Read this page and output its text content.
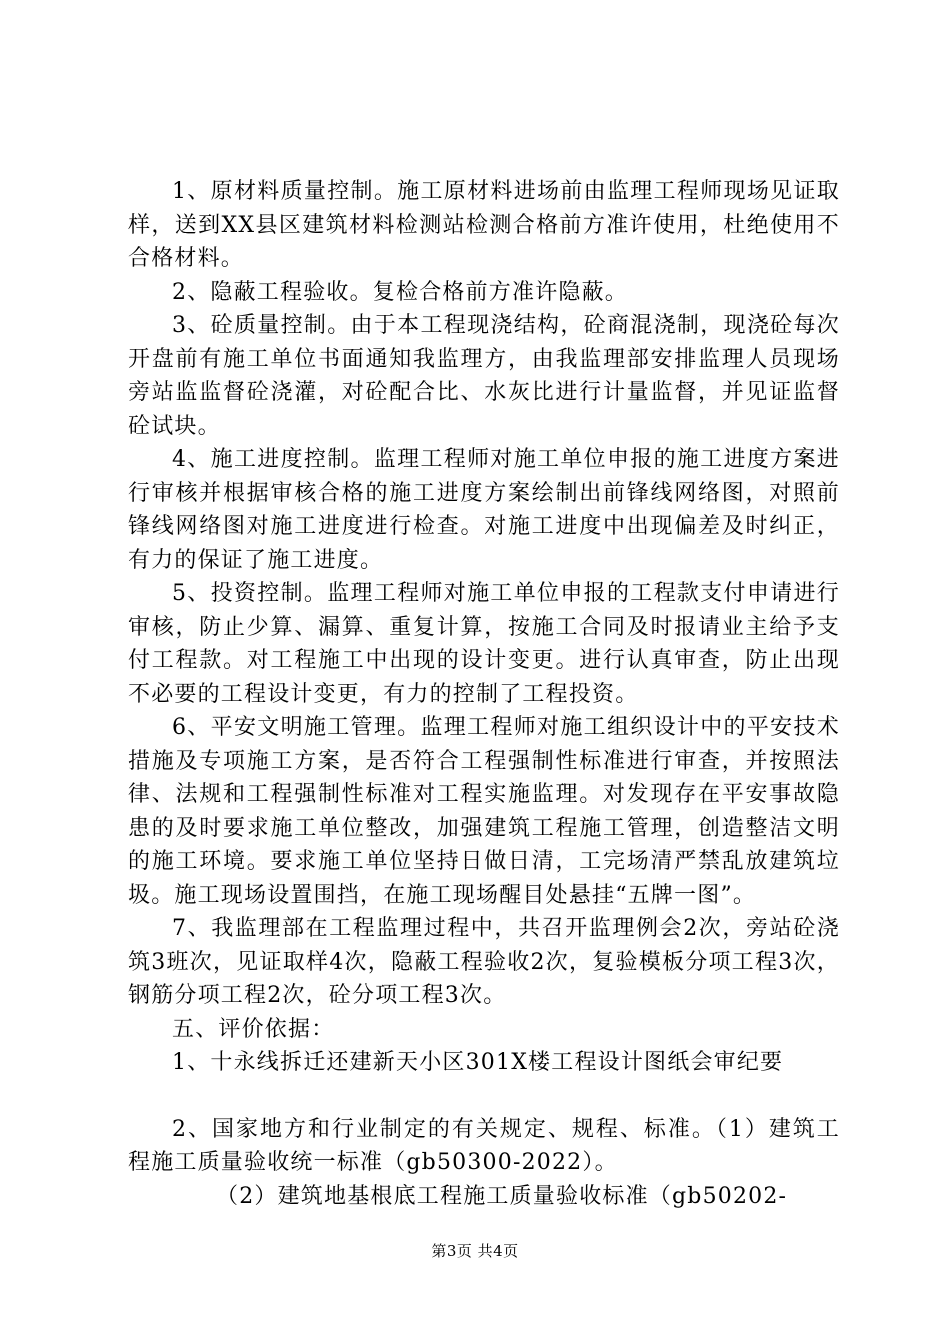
1、原材料质量控制。施工原材料进场前由监理工程师现场见证取样，送到XX县区建筑材料检测站检测合格前方准许使用，杜绝使用不合格材料。

2、隐蔽工程验收。复检合格前方准许隐蔽。

3、砼质量控制。由于本工程现浇结构，砼商混浇制，现浇砼每次开盘前有施工单位书面通知我监理方，由我监理部安排监理人员现场旁站监监督砼浇灌，对砼配合比、水灰比进行计量监督，并见证监督砼试块。

4、施工进度控制。监理工程师对施工单位申报的施工进度方案进行审核并根据审核合格的施工进度方案绘制出前锋线网络图，对照前锋线网络图对施工进度进行检查。对施工进度中出现偏差及时纠正，有力的保证了施工进度。

5、投资控制。监理工程师对施工单位申报的工程款支付申请进行审核，防止少算、漏算、重复计算，按施工合同及时报请业主给予支付工程款。对工程施工中出现的设计变更。进行认真审查，防止出现不必要的工程设计变更，有力的控制了工程投资。

6、平安文明施工管理。监理工程师对施工组织设计中的平安技术措施及专项施工方案，是否符合工程强制性标准进行审查，并按照法律、法规和工程强制性标准对工程实施监理。对发现存在平安事故隐患的及时要求施工单位整改，加强建筑工程施工管理，创造整洁文明的施工环境。要求施工单位坚持日做日清，工完场清严禁乱放建筑垃圾。施工现场设置围挡，在施工现场醒目处悬挂“五牌一图”。

7、我监理部在工程监理过程中，共召开监理例会2次，旁站砼浇筑3班次，见证取样4次，隐蔽工程验收2次，复验模板分项工程3次，钢筋分项工程2次，砼分项工程3次。

五、评价依据：

1、十永线拆迁还建新天小区301X楼工程设计图纸会审纪要

2、国家地方和行业制定的有关规定、规程、标准。（1）建筑工程施工质量验收统一标准（gb50300-2022）。

（2）建筑地基根底工程施工质量验收标准（gb50202-

第3页 共4页
